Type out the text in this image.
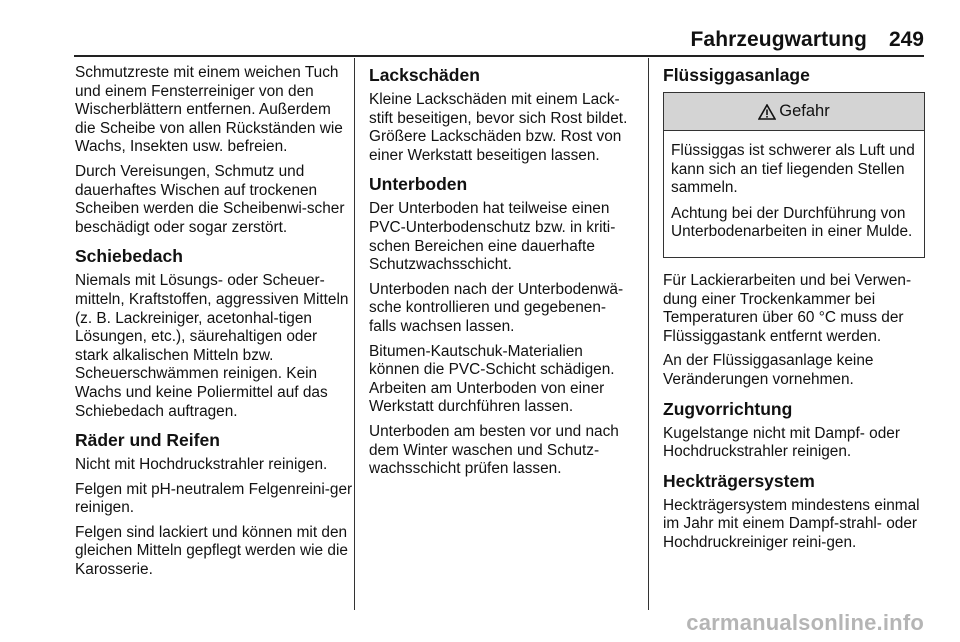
Fahrzeugwartung 249

Schmutzreste mit einem weichen Tuch und einem Fensterreiniger von den Wischerblättern entfernen. Außerdem die Scheibe von allen Rückständen wie Wachs, Insekten usw. befreien.

Durch Vereisungen, Schmutz und dauerhaftes Wischen auf trockenen Scheiben werden die Scheibenwi-scher beschädigt oder sogar zerstört.

Schiebedach

Niemals mit Lösungs- oder Scheuer-mitteln, Kraftstoffen, aggressiven Mitteln (z. B. Lackreiniger, acetonhal-tigen Lösungen, etc.), säurehaltigen oder stark alkalischen Mitteln bzw. Scheuerschwämmen reinigen. Kein Wachs und keine Poliermittel auf das Schiebedach auftragen.

Räder und Reifen

Nicht mit Hochdruckstrahler reinigen.

Felgen mit pH-neutralem Felgenreini-ger reinigen.

Felgen sind lackiert und können mit den gleichen Mitteln gepflegt werden wie die Karosserie.

Lackschäden

Kleine Lackschäden mit einem Lack-stift beseitigen, bevor sich Rost bildet. Größere Lackschäden bzw. Rost von einer Werkstatt beseitigen lassen.

Unterboden

Der Unterboden hat teilweise einen PVC-Unterbodenschutz bzw. in kriti-schen Bereichen eine dauerhafte Schutzwachsschicht.

Unterboden nach der Unterbodenwä-sche kontrollieren und gegebenen-falls wachsen lassen.

Bitumen-Kautschuk-Materialien können die PVC-Schicht schädigen. Arbeiten am Unterboden von einer Werkstatt durchführen lassen.

Unterboden am besten vor und nach dem Winter waschen und Schutz-wachsschicht prüfen lassen.

Flüssiggasanlage
Gefahr

Flüssiggas ist schwerer als Luft und kann sich an tief liegenden Stellen sammeln.

Achtung bei der Durchführung von Unterbodenarbeiten in einer Mulde.

Für Lackierarbeiten und bei Verwen-dung einer Trockenkammer bei Temperaturen über 60 °C muss der Flüssiggastank entfernt werden.

An der Flüssiggasanlage keine Veränderungen vornehmen.

Zugvorrichtung

Kugelstange nicht mit Dampf- oder Hochdruckstrahler reinigen.

Heckträgersystem

Heckträgersystem mindestens einmal im Jahr mit einem Dampf-strahl- oder Hochdruckreiniger reini-gen.

carmanualsonline.info
